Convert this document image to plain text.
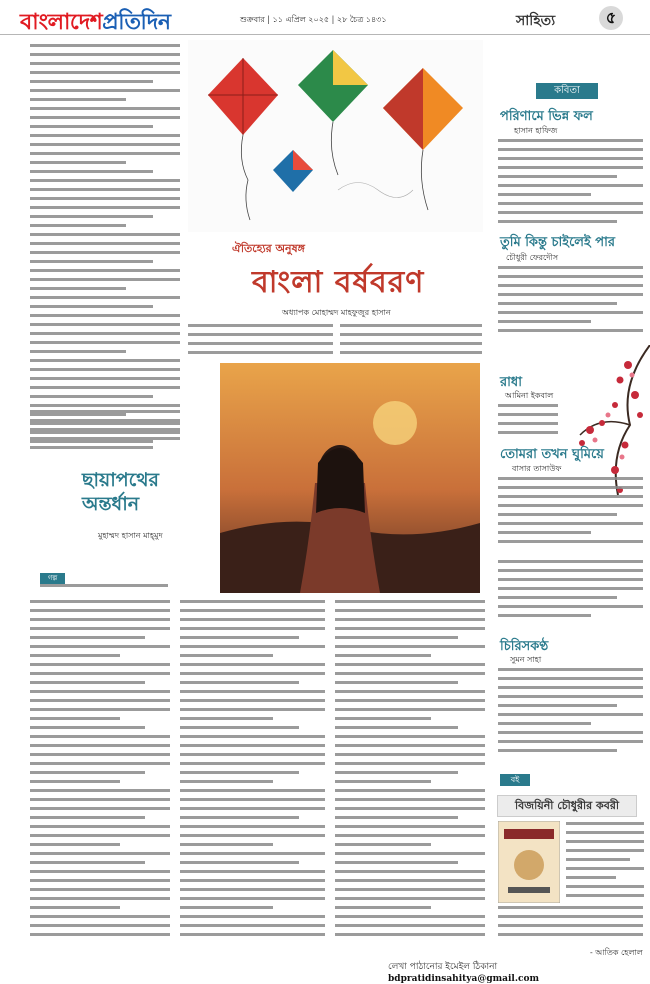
বাংলাদেশপ্রতিদিন	শুক্রবার | ১১ এপ্রিল ২০২৫ | ২৮ চৈত্র ১৪৩১	সাহিত্য	৫
ঐতিহ্যের অনুষঙ্গ
বাংলা বর্ষবরণ
অধ্যাপক মোহাম্মদ মাহফুজুর হাসান
ছায়াপথের
অন্তর্ধান
মুহাম্মদ হাসান মাহ্‌মুদ
গল্প
কবিতা
পরিণামে ভিন্ন ফল
হাসান হাফিজ
তুমি কিন্তু চাইলেই পার
চৌধুরী ফেরদৌস
রাধা
আমিনা ইকবাল
তোমরা তখন ঘুমিয়ে
বাসার তাসাউফ
চিরিসকণ্ঠ
সুমন সাহা
বই
বিজয়িনী চৌধুরীর কবরী
- আতিক হেলাল
লেখা পাঠানোর ইমেইল ঠিকানা bdpratidinsahitya@gmail.com
